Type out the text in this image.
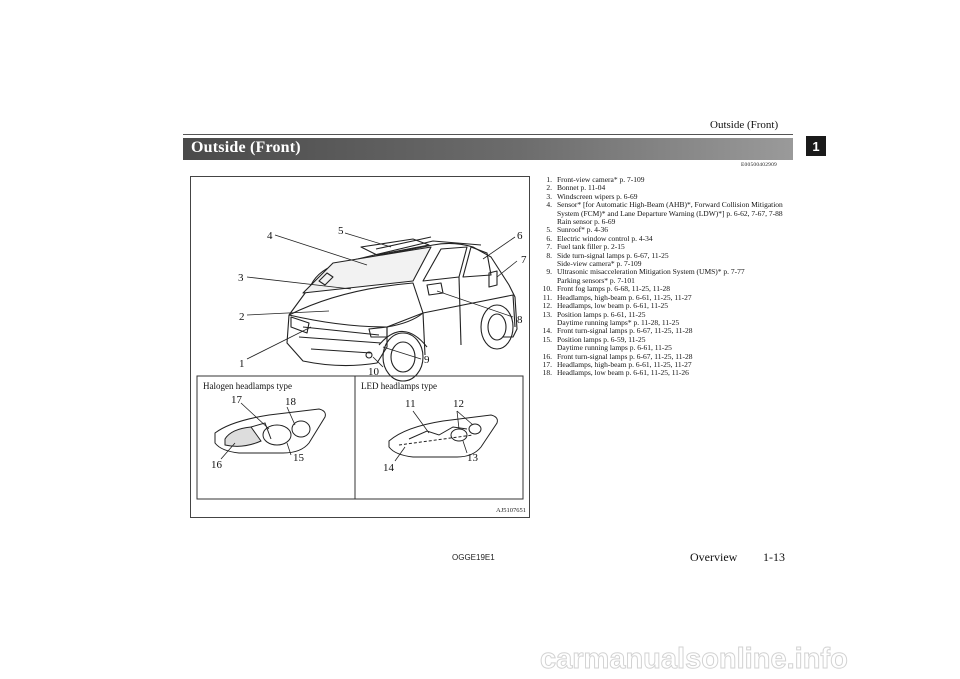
Outside (Front)
1
Outside (Front)
E00500402909
1
2
3
4	5	6
7
8
9
10
Halogen headlamps type	LED headlamps type
17	18
16
15
11	12
14
13
AJ5107651
1. Front-view camera* p. 7-109
2. Bonnet p. 11-04
3. Windscreen wipers p. 6-69
4. Sensor* [for Automatic High-Beam (AHB)*, Forward Collision Mitigation System (FCM)* and Lane Departure Warning (LDW)*] p. 6-62, 7-67, 7-88
Rain sensor p. 6-69
5. Sunroof* p. 4-36
6. Electric window control p. 4-34
7. Fuel tank filler p. 2-15
8. Side turn-signal lamps p. 6-67, 11-25
Side-view camera* p. 7-109
9. Ultrasonic misacceleration Mitigation System (UMS)* p. 7-77
Parking sensors* p. 7-101
10. Front fog lamps p. 6-68, 11-25, 11-28
11. Headlamps, high-beam p. 6-61, 11-25, 11-27
12. Headlamps, low beam p. 6-61, 11-25
13. Position lamps p. 6-61, 11-25
Daytime running lamps* p. 11-28, 11-25
14. Front turn-signal lamps p. 6-67, 11-25, 11-28
15. Position lamps p. 6-59, 11-25
Daytime running lamps p. 6-61, 11-25
16. Front turn-signal lamps p. 6-67, 11-25, 11-28
17. Headlamps, high-beam p. 6-61, 11-25, 11-27
18. Headlamps, low beam p. 6-61, 11-25, 11-26
OGGE19E1	Overview 1-13
carmanualsonline.info
